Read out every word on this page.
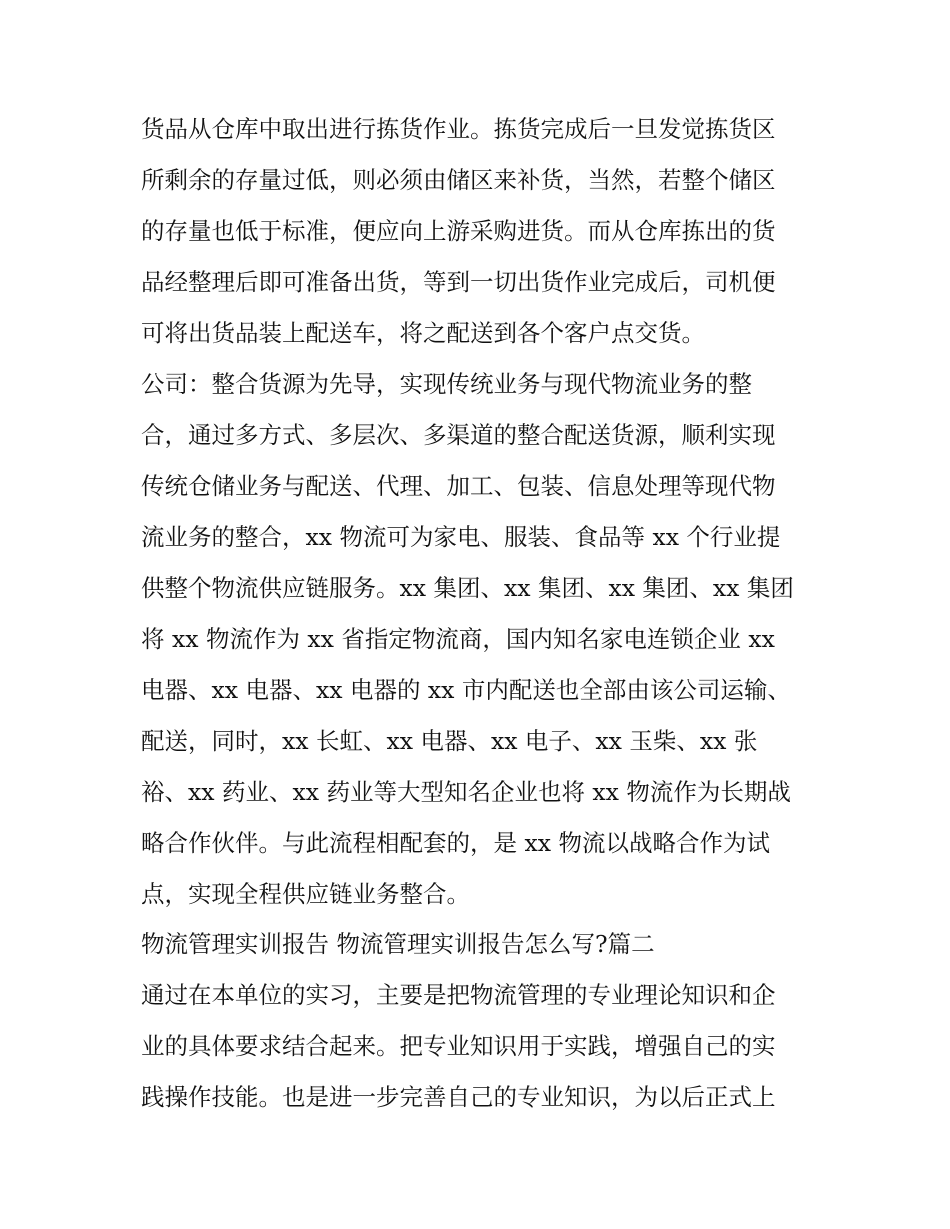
货品从仓库中取出进行拣货作业。拣货完成后一旦发觉拣货区
所剩余的存量过低，则必须由储区来补货，当然，若整个储区
的存量也低于标准，便应向上游采购进货。而从仓库拣出的货
品经整理后即可准备出货，等到一切出货作业完成后，司机便
可将出货品装上配送车，将之配送到各个客户点交货。
公司：整合货源为先导，实现传统业务与现代物流业务的整
合，通过多方式、多层次、多渠道的整合配送货源，顺利实现
传统仓储业务与配送、代理、加工、包装、信息处理等现代物
流业务的整合，xx 物流可为家电、服装、食品等 xx 个行业提
供整个物流供应链服务。xx 集团、xx 集团、xx 集团、xx 集团
将 xx 物流作为 xx 省指定物流商，国内知名家电连锁企业 xx
电器、xx 电器、xx 电器的 xx 市内配送也全部由该公司运输、
配送，同时，xx 长虹、xx 电器、xx 电子、xx 玉柴、xx 张
裕、xx 药业、xx 药业等大型知名企业也将 xx 物流作为长期战
略合作伙伴。与此流程相配套的，是 xx 物流以战略合作为试
点，实现全程供应链业务整合。
物流管理实训报告 物流管理实训报告怎么写?篇二
通过在本单位的实习，主要是把物流管理的专业理论知识和企
业的具体要求结合起来。把专业知识用于实践，增强自己的实
践操作技能。也是进一步完善自己的专业知识，为以后正式上
